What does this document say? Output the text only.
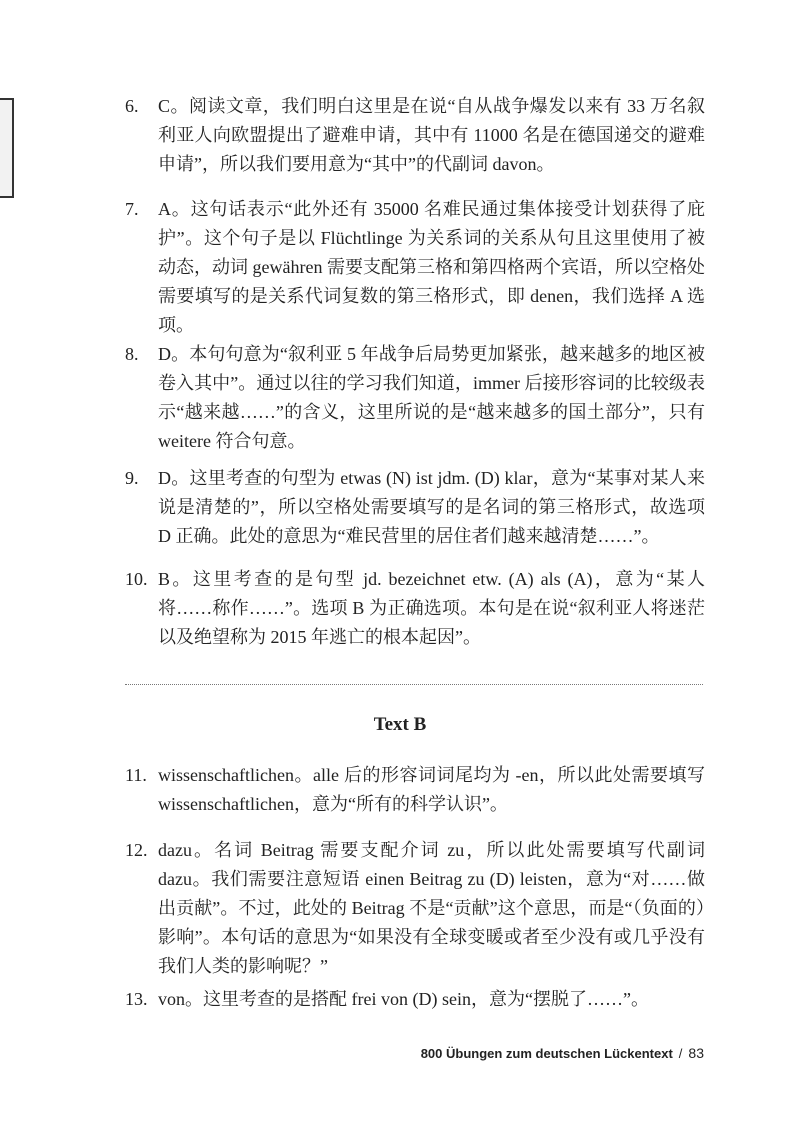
6. C。阅读文章，我们明白这里是在说“自从战争爆发以来有 33 万名叙利亚人向欧盟提出了避难申请，其中有 11000 名是在德国递交的避难申请”，所以我们要用意为“其中”的代副词 davon。
7. A。这句话表示“此外还有 35000 名难民通过集体接受计划获得了庇护”。这个句子是以 Flüchtlinge 为关系词的关系从句且这里使用了被动态，动词 gewähren 需要支配第三格和第四格两个宾语，所以空格处需要填写的是关系代词复数的第三格形式，即 denen，我们选择 A 选项。
8. D。本句句意为“叙利亚 5 年战争后局势更加紧张，越来越多的地区被卷入其中”。通过以往的学习我们知道，immer 后接形容词的比较级表示“越来越……”的含义，这里所说的是“越来越多的国土部分”，只有 weitere 符合句意。
9. D。这里考查的句型为 etwas (N) ist jdm. (D) klar，意为“某事对某人来说是清楚的”，所以空格处需要填写的是名词的第三格形式，故选项 D 正确。此处的意思为“难民营里的居住者们越来越清楚……”。
10. B。这里考查的是句型 jd. bezeichnet etw. (A) als (A)，意为“某人将……称作……”。选项 B 为正确选项。本句是在说“叙利亚人将迷茫以及绝望称为 2015 年逃亡的根本起因”。
Text B
11. wissenschaftlichen。alle 后的形容词词尾均为 -en，所以此处需要填写 wissenschaftlichen，意为“所有的科学认识”。
12. dazu。名词 Beitrag 需要支配介词 zu，所以此处需要填写代副词 dazu。我们需要注意短语 einen Beitrag zu (D) leisten，意为“对……做出贡献”。不过，此处的 Beitrag 不是“贡献”这个意思，而是“（负面的）影响”。本句话的意思为“如果没有全球变暖或者至少没有或几乎没有我们人类的影响呢？”
13. von。这里考查的是搭配 frei von (D) sein，意为“摆脱了……”。
800 Übungen zum deutschen Lückentext / 83
